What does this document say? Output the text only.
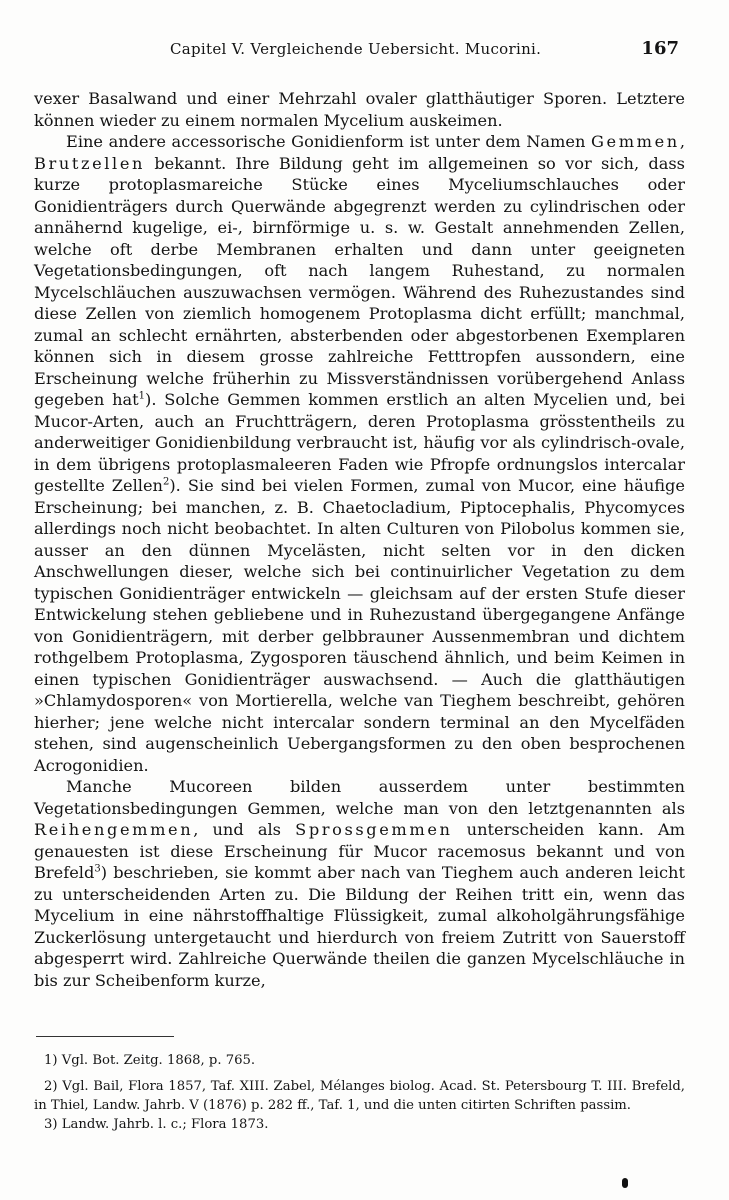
Capitel V. Vergleichende Uebersicht. Mucorini.	167

vexer Basalwand und einer Mehrzahl ovaler glatthäutiger Sporen. Letztere können wieder zu einem normalen Mycelium auskeimen.

Eine andere accessorische Gonidienform ist unter dem Namen Gemmen, Brutzellen bekannt. Ihre Bildung geht im allgemeinen so vor sich, dass kurze protoplasmareiche Stücke eines Myceliumschlauches oder Gonidienträgers durch Querwände abgegrenzt werden zu cylindrischen oder annähernd kugelige, ei-, birnförmige u. s. w. Gestalt annehmenden Zellen, welche oft derbe Membranen erhalten und dann unter geeigneten Vegetationsbedingungen, oft nach langem Ruhestand, zu normalen Mycelschläuchen auszuwachsen vermögen. Während des Ruhezustandes sind diese Zellen von ziemlich homogenem Protoplasma dicht erfüllt; manchmal, zumal an schlecht ernährten, absterbenden oder abgestorbenen Exemplaren können sich in diesem grosse zahlreiche Fetttropfen aussondern, eine Erscheinung welche früherhin zu Missverständnissen vorübergehend Anlass gegeben hat$^1$). Solche Gemmen kommen erstlich an alten Mycelien und, bei Mucor-Arten, auch an Fruchtträgern, deren Protoplasma grösstentheils zu anderweitiger Gonidienbildung verbraucht ist, häufig vor als cylindrisch-ovale, in dem übrigens protoplasmaleeren Faden wie Pfropfe ordnungslos intercalar gestellte Zellen$^2$). Sie sind bei vielen Formen, zumal von Mucor, eine häufige Erscheinung; bei manchen, z. B. Chaetocladium, Piptocephalis, Phycomyces allerdings noch nicht beobachtet. In alten Culturen von Pilobolus kommen sie, ausser an den dünnen Mycelästen, nicht selten vor in den dicken Anschwellungen dieser, welche sich bei continuirlicher Vegetation zu dem typischen Gonidienträger entwickeln — gleichsam auf der ersten Stufe dieser Entwickelung stehen gebliebene und in Ruhezustand übergegangene Anfänge von Gonidienträgern, mit derber gelbbrauner Aussenmembran und dichtem rothgelbem Protoplasma, Zygosporen täuschend ähnlich, und beim Keimen in einen typischen Gonidienträger auswachsend. — Auch die glatthäutigen »Chlamydosporen« von Mortierella, welche van Tieghem beschreibt, gehören hierher; jene welche nicht intercalar sondern terminal an den Mycelfäden stehen, sind augenscheinlich Uebergangsformen zu den oben besprochenen Acrogonidien.

Manche Mucoreen bilden ausserdem unter bestimmten Vegetationsbedingungen Gemmen, welche man von den letztgenannten als Reihengemmen, und als Sprossgemmen unterscheiden kann. Am genauesten ist diese Erscheinung für Mucor racemosus bekannt und von Brefeld$^3$) beschrieben, sie kommt aber nach van Tieghem auch anderen leicht zu unterscheidenden Arten zu. Die Bildung der Reihen tritt ein, wenn das Mycelium in eine nährstoffhaltige Flüssigkeit, zumal alkoholgährungsfähige Zuckerlösung untergetaucht und hierdurch von freiem Zutritt von Sauerstoff abgesperrt wird. Zahlreiche Querwände theilen die ganzen Mycelschläuche in bis zur Scheibenform kurze,

1) Vgl. Bot. Zeitg. 1868, p. 765.

2) Vgl. Bail, Flora 1857, Taf. XIII. Zabel, Mélanges biolog. Acad. St. Petersbourg T. III. Brefeld, in Thiel, Landw. Jahrb. V (1876) p. 282 ff., Taf. 1, und die unten citirten Schriften passim.

3) Landw. Jahrb. l. c.; Flora 1873.
